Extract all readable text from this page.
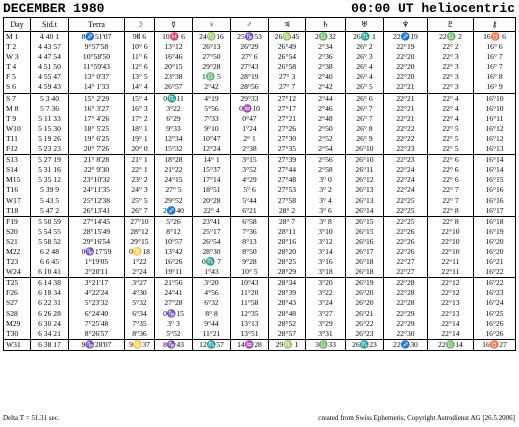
DECEMBER 1980	00:00 UT heliocentric
Day	Sid.t	Terra	☽	☿	♀	♂	♃	♄	♅	♆	♇	⚷
M 1	4 40 1	8♐51'07	9Ⅱ 6	10♓ 6	24♍16	25♑53	26♍45	2♎32	26♏ 1	22♐19	22♎ 2	16♉ 6
T 2	4 43 57	9°57'58	10° 6	13°12	26°13	26°29	26°49	2°34	26° 2	22°19	22° 2	16° 6
W 3	4 47 54	10°58'50	11° 6	16°46	27°50	27° 6	26°54	2°36	26° 3	22°20	22° 3	16° 7
T 4	4 51 50	11°59'43	12° 6	20°15	29°28	27°43	26°58	2°38	26° 4	22°20	22° 3	16° 7
F 5	4 55 47	13° 0'37	13° 5	23°38	1♎ 5	28°19	27° 3	2°40	26° 4	22°20	22° 3	16° 8
S 6	4 59 43	14° 1'33	14° 4	26°57	2°42	28°56	27° 7	2°42	26° 5	22°21	22° 3	16° 9
S 7	5 3 40	15° 2'29	15° 4	0♏11	4°19	29°33	27°12	2°44	26° 6	22°21	22° 4	16°10
M 8	5 7 36	16° 3'27	16° 3	3°22	5°56	0♒10	27°17	2°46	26° 7	22°21	22° 4	16°10
T 9	5 11 33	17° 4'26	17° 2	6°29	7°33	0°47	27°21	2°48	26° 7	22°21	22° 4	16°11
W10	5 15 30	18° 5'25	18° 1	9°33	9°10	1°24	27°26	2°50	26° 8	22°22	22° 5	16°12
T11	5 19 26	19° 6'25	19° 1	12°34	10°47	2° 1	27°30	2°52	26° 9	22°22	22° 5	16°12
F12	5 23 23	20° 7'26	20° 0	15°32	12°24	2°38	27°35	2°54	26°10	22°23	22° 5	16°13
S13	5 27 19	21° 8'28	21° 1	18°28	14° 1	3°15	27°39	2°56	26°10	22°23	22° 6	16°14
S14	5 31 16	22° 9'30	22° 1	21°22	15°37	3°52	27°44	2°58	26°11	22°24	22° 6	16°14
M15	5 35 12	23°10'32	23° 2	24°15	17°14	4°29	27°48	3° 0	26°12	22°24	22° 6	16°15
T16	5 39 9	24°11'35	24° 3	27° 5	18°51	5° 6	27°53	3° 2	26°13	22°24	22° 7	16°16
W17	5 43 5	25°12'38	25° 5	29°52	20°28	5°44	27°58	3° 4	26°13	22°25	22° 7	16°16
T18	5 47 2	26°13'41	26° 7	2♐40	22° 4	6°21	28° 2	3° 6	26°14	22°25	22° 8	16°17
F19	5 50 59	27°14'45	27°10	5°26	23°41	6°58	28° 7	3° 8	26°15	22°25	22° 8	16°18
S20	5 54 55	28°15'49	28°12	8°12	25°17	7°36	28°11	3°10	26°15	22°26	22°10	16°19
S21	5 58 52	29°16'54	29°15	10°57	26°54	8°13	28°16	3°12	26°16	22°26	22°10	16°20
M22	6 2 48	0♑17'59	0♋18	13°42	28°30	8°50	28°20	3°14	26°17	22°26	22°10	16°20
T23	6 6 45	1°19'05	1°22	16°26	0♏ 7	9°28	28°25	3°16	26°18	22°27	22°11	16°21
W24	6 10 41	2°20'11	2°24	19°11	1°43	10° 5	28°29	3°18	26°18	22°27	22°11	16°22
T25	6 14 38	3°21'17	3°27	21°56	3°20	10°43	28°34	3°20	26°19	22°28	22°12	16°22
F26	6 18 34	4°22'24	4°30	24°41	4°56	11°20	28°39	3°22	26°20	22°28	22°12	16°23
S27	6 22 31	5°23'32	5°32	27°28	6°32	11°58	28°43	3°24	26°20	22°28	22°13	16°24
S28	6 26 28	6°24'40	6°34	0♑15	8° 8	12°35	28°48	3°27	26°21	22°29	22°13	16°25
M29	6 30 24	7°25'48	7°35	3° 3	9°44	13°13	28°52	3°29	26°22	22°29	22°14	16°26
T30	6 34 21	8°26'57	8°36	5°52	11°21	13°51	28°57	3°31	26°23	22°30	22°14	16°26
W31	6 38 17	9♑28'07	9♋37	8♑43	12♏57	14♒28	29♍ 1	3♎33	26♏23	22♐30	22♎14	16♉27
Delta T = 51.31 sec.	created from Swiss Ephemeris, Copyright Astrodienst AG [26.5.2006]
